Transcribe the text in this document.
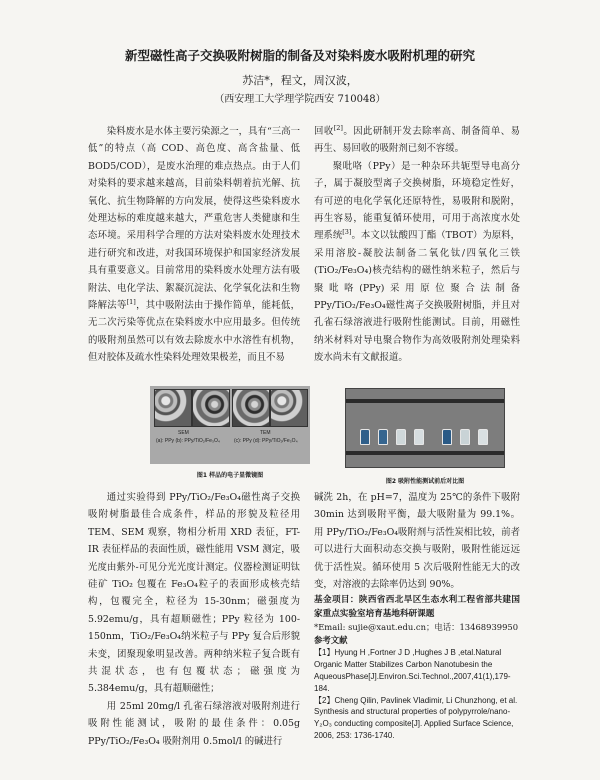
新型磁性高子交换吸附树脂的制备及对染料废水吸附机理的研究
苏洁*，程文，周汉波，
（西安理工大学理学院西安 710048）

染料废水是水体主要污染源之一，具有“三高一低”的特点（高 COD、高色度、高含盐量、低 BOD5/COD），是废水治理的难点热点。由于人们对染料的要求越来越高，目前染料朝着抗光解、抗氧化、抗生物降解的方向发展，使得这些染料废水处理达标的难度越来越大，严重危害人类健康和生态环境。采用科学合理的方法对染料废水处理技术进行研究和改进，对我国环境保护和国家经济发展具有重要意义。目前常用的染料废水处理方法有吸附法、电化学法、絮凝沉淀法、化学氧化法和生物降解法等[1]，其中吸附法由于操作简单，能耗低，无二次污染等优点在染料废水中应用最多。但传统的吸附剂虽然可以有效去除废水中水溶性有机物，但对胶体及疏水性染料处理效果极差，而且不易

回收[2]。因此研制开发去除率高、制备简单、易再生、易回收的吸附剂已刻不容缓。

聚吡咯（PPy）是一种杂环共轭型导电高分子，属于凝胶型离子交换树脂，环境稳定性好，有可逆的电化学氧化还原特性，易吸附和脱附，再生容易，能重复循环使用，可用于高浓度水处理系统[3]。本文以钛酸四丁酯（TBOT）为原料，采用溶胶-凝胶法制备二氧化钛/四氧化三铁(TiO₂/Fe₃O₄)核壳结构的磁性纳米粒子，然后与聚吡咯(PPy)采用原位聚合法制备 PPy/TiO₂/Fe₃O₄磁性离子交换吸附树脂，并且对孔雀石绿溶液进行吸附性能测试。目前，用磁性纳米材料对导电聚合物作为高效吸附剂处理染料废水尚未有文献报道。

SEM
(a): PPy (b): PPy/TiO₂/Fe₃O₄
TEM
(c): PPy (d): PPy/TiO₂/Fe₃O₄
图1 样品的电子显微镜图
图2 吸附性能测试前后对比图

通过实验得到 PPy/TiO₂/Fe₃O₄磁性离子交换吸附树脂最佳合成条件，样品的形貌及粒径用 TEM、SEM 观察，物相分析用 XRD 表征，FT-IR 表征样品的表面性质，磁性能用 VSM 测定，吸光度由紫外-可见分光光度计测定。仪器检测证明钛硅矿 TiO₂ 包覆在 Fe₃O₄粒子的表面形成核壳结构，包覆完全，粒径为 15-30nm；磁强度为 5.92emu/g，具有超顺磁性；PPy 粒径为 100-150nm，TiO₂/Fe₃O₄纳米粒子与 PPy 复合后形貌未变，团聚现象明显改善。两种纳米粒子复合既有共混状态，也有包覆状态；磁强度为 5.384emu/g，具有超顺磁性；

用 25ml 20mg/l 孔雀石绿溶液对吸附剂进行吸附性能测试，吸附的最佳条件：0.05g PPy/TiO₂/Fe₃O₄ 吸附剂用 0.5mol/l 的碱进行

碱洗 2h，在 pH=7，温度为 25℃的条件下吸附 30min 达到吸附平衡，最大吸附量为 99.1%。用 PPy/TiO₂/Fe₃O₄吸附剂与活性炭相比较，前者可以进行大面积动态交换与吸附，吸附性能远远优于活性炭。循环使用 5 次后吸附性能无大的改变，对溶液的去除率仍达到 90%。

基金项目：陕西省西北旱区生态水利工程省部共建国家重点实验室培育基地科研课题

*Email: sujie@xaut.edu.cn；电话：13468939950

参考文献

【1】Hyung H ,Fortner J D ,Hughes J B ,etal.Natural Organic Matter Stabilizes Carbon Nanotubesin the AqueousPhase[J].Environ.Sci.Technol.,2007,41(1),179-184.

【2】Cheng Qilin, Pavlinek Vladimir, Li Chunzhong, et al. Synthesis and structural properties of polypyrrole/nano-Y₂O₃ conducting composite[J]. Applied Surface Science, 2006, 253: 1736-1740.
